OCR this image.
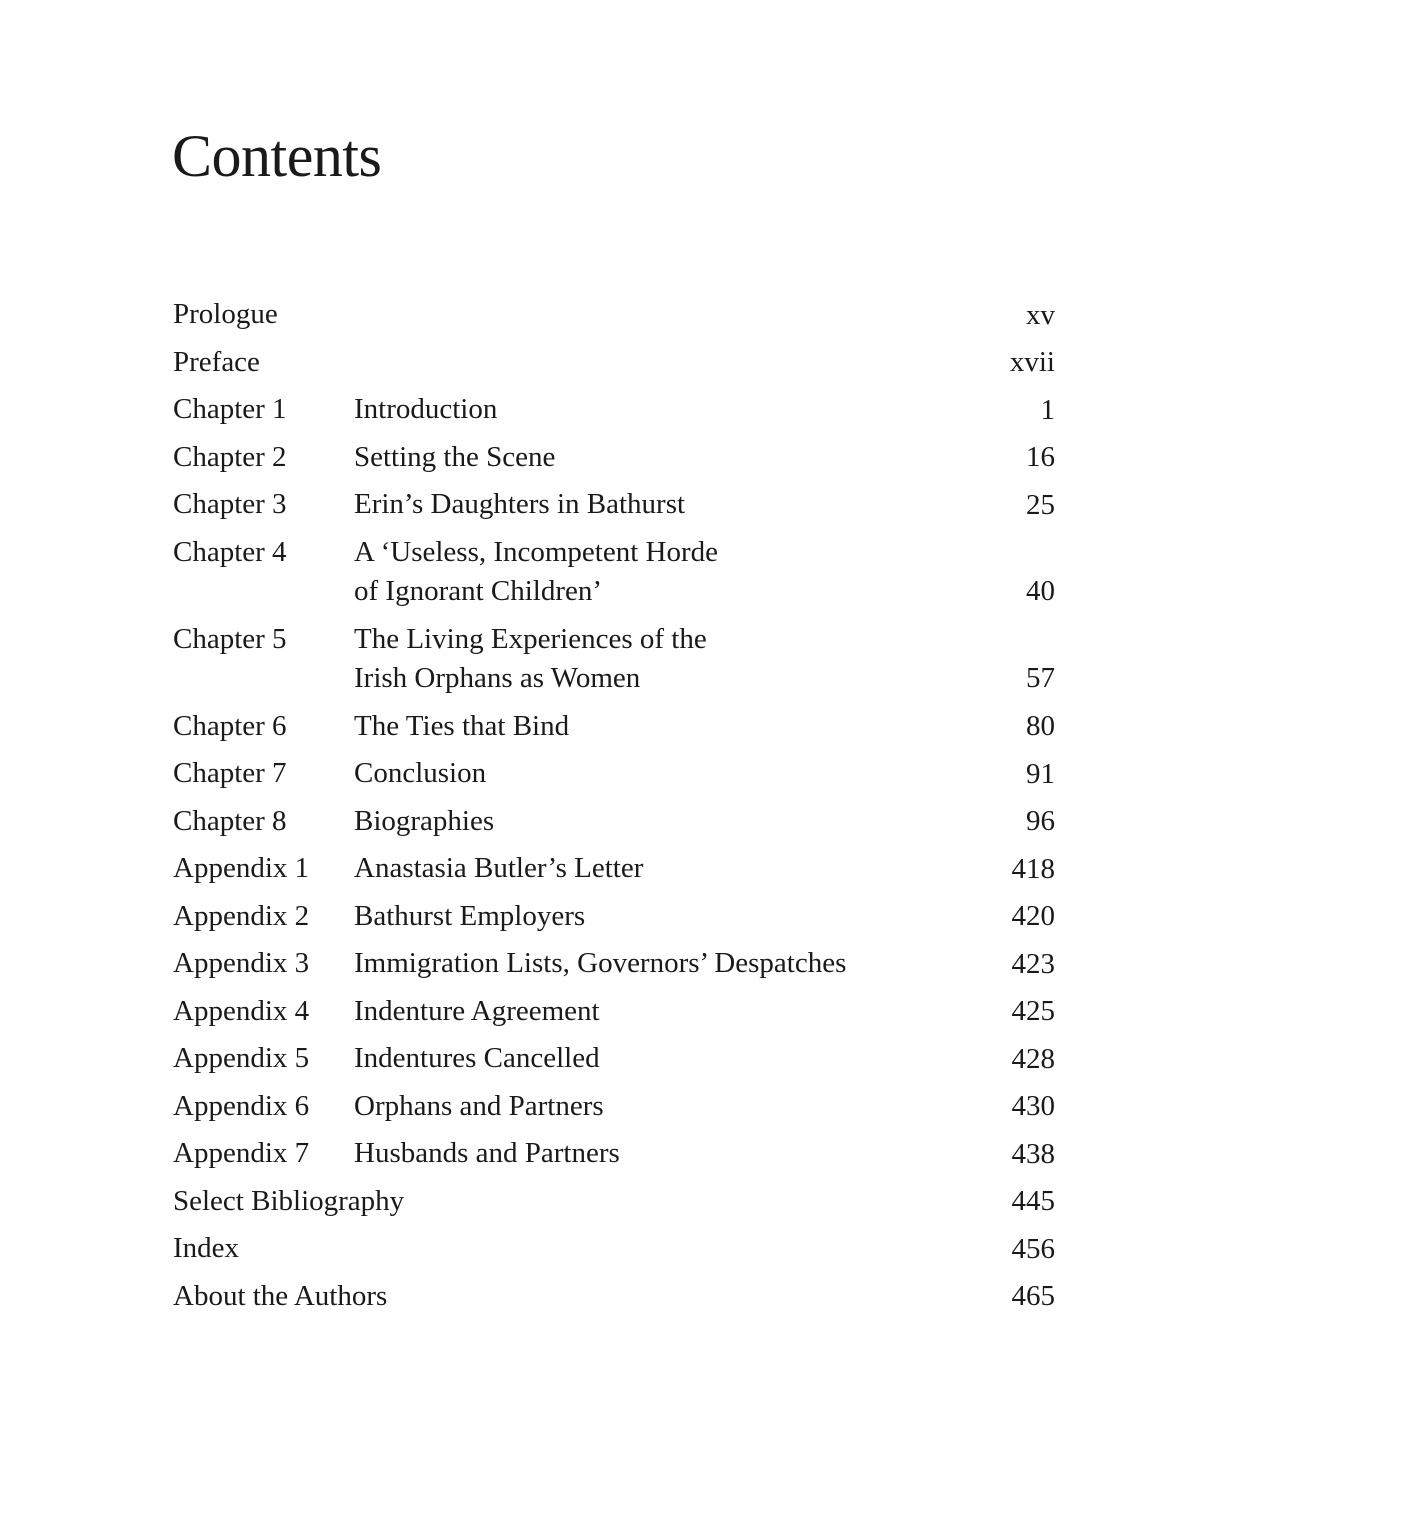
Contents
Prologue	xv
Preface	xvii
Chapter 1 Introduction	1
Chapter 2 Setting the Scene	16
Chapter 3 Erin’s Daughters in Bathurst	25
Chapter 4 A ‘Useless, Incompetent Horde
of Ignorant Children’	40
Chapter 5 The Living Experiences of the
Irish Orphans as Women	57
Chapter 6 The Ties that Bind	80
Chapter 7 Conclusion	91
Chapter 8 Biographies	96
Appendix 1 Anastasia Butler’s Letter	418
Appendix 2 Bathurst Employers	420
Appendix 3 Immigration Lists, Governors’ Despatches	423
Appendix 4 Indenture Agreement	425
Appendix 5 Indentures Cancelled	428
Appendix 6 Orphans and Partners	430
Appendix 7 Husbands and Partners	438
Select Bibliography	445
Index	456
About the Authors	465
